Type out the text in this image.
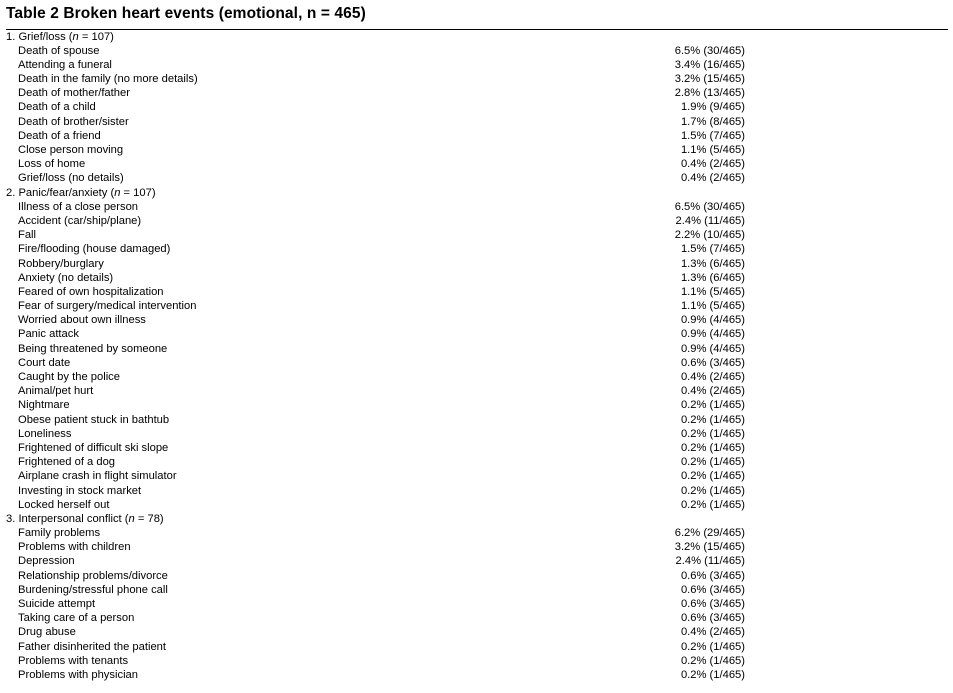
Table 2 Broken heart events (emotional, n = 465)
1. Grief/loss (n = 107)
Death of spouse	6.5% (30/465)
Attending a funeral	3.4% (16/465)
Death in the family (no more details)	3.2% (15/465)
Death of mother/father	2.8% (13/465)
Death of a child	1.9% (9/465)
Death of brother/sister	1.7% (8/465)
Death of a friend	1.5% (7/465)
Close person moving	1.1% (5/465)
Loss of home	0.4% (2/465)
Grief/loss (no details)	0.4% (2/465)
2. Panic/fear/anxiety (n = 107)
Illness of a close person	6.5% (30/465)
Accident (car/ship/plane)	2.4% (11/465)
Fall	2.2% (10/465)
Fire/flooding (house damaged)	1.5% (7/465)
Robbery/burglary	1.3% (6/465)
Anxiety (no details)	1.3% (6/465)
Feared of own hospitalization	1.1% (5/465)
Fear of surgery/medical intervention	1.1% (5/465)
Worried about own illness	0.9% (4/465)
Panic attack	0.9% (4/465)
Being threatened by someone	0.9% (4/465)
Court date	0.6% (3/465)
Caught by the police	0.4% (2/465)
Animal/pet hurt	0.4% (2/465)
Nightmare	0.2% (1/465)
Obese patient stuck in bathtub	0.2% (1/465)
Loneliness	0.2% (1/465)
Frightened of difficult ski slope	0.2% (1/465)
Frightened of a dog	0.2% (1/465)
Airplane crash in flight simulator	0.2% (1/465)
Investing in stock market	0.2% (1/465)
Locked herself out	0.2% (1/465)
3. Interpersonal conflict (n = 78)
Family problems	6.2% (29/465)
Problems with children	3.2% (15/465)
Depression	2.4% (11/465)
Relationship problems/divorce	0.6% (3/465)
Burdening/stressful phone call	0.6% (3/465)
Suicide attempt	0.6% (3/465)
Taking care of a person	0.6% (3/465)
Drug abuse	0.4% (2/465)
Father disinherited the patient	0.2% (1/465)
Problems with tenants	0.2% (1/465)
Problems with physician	0.2% (1/465)
